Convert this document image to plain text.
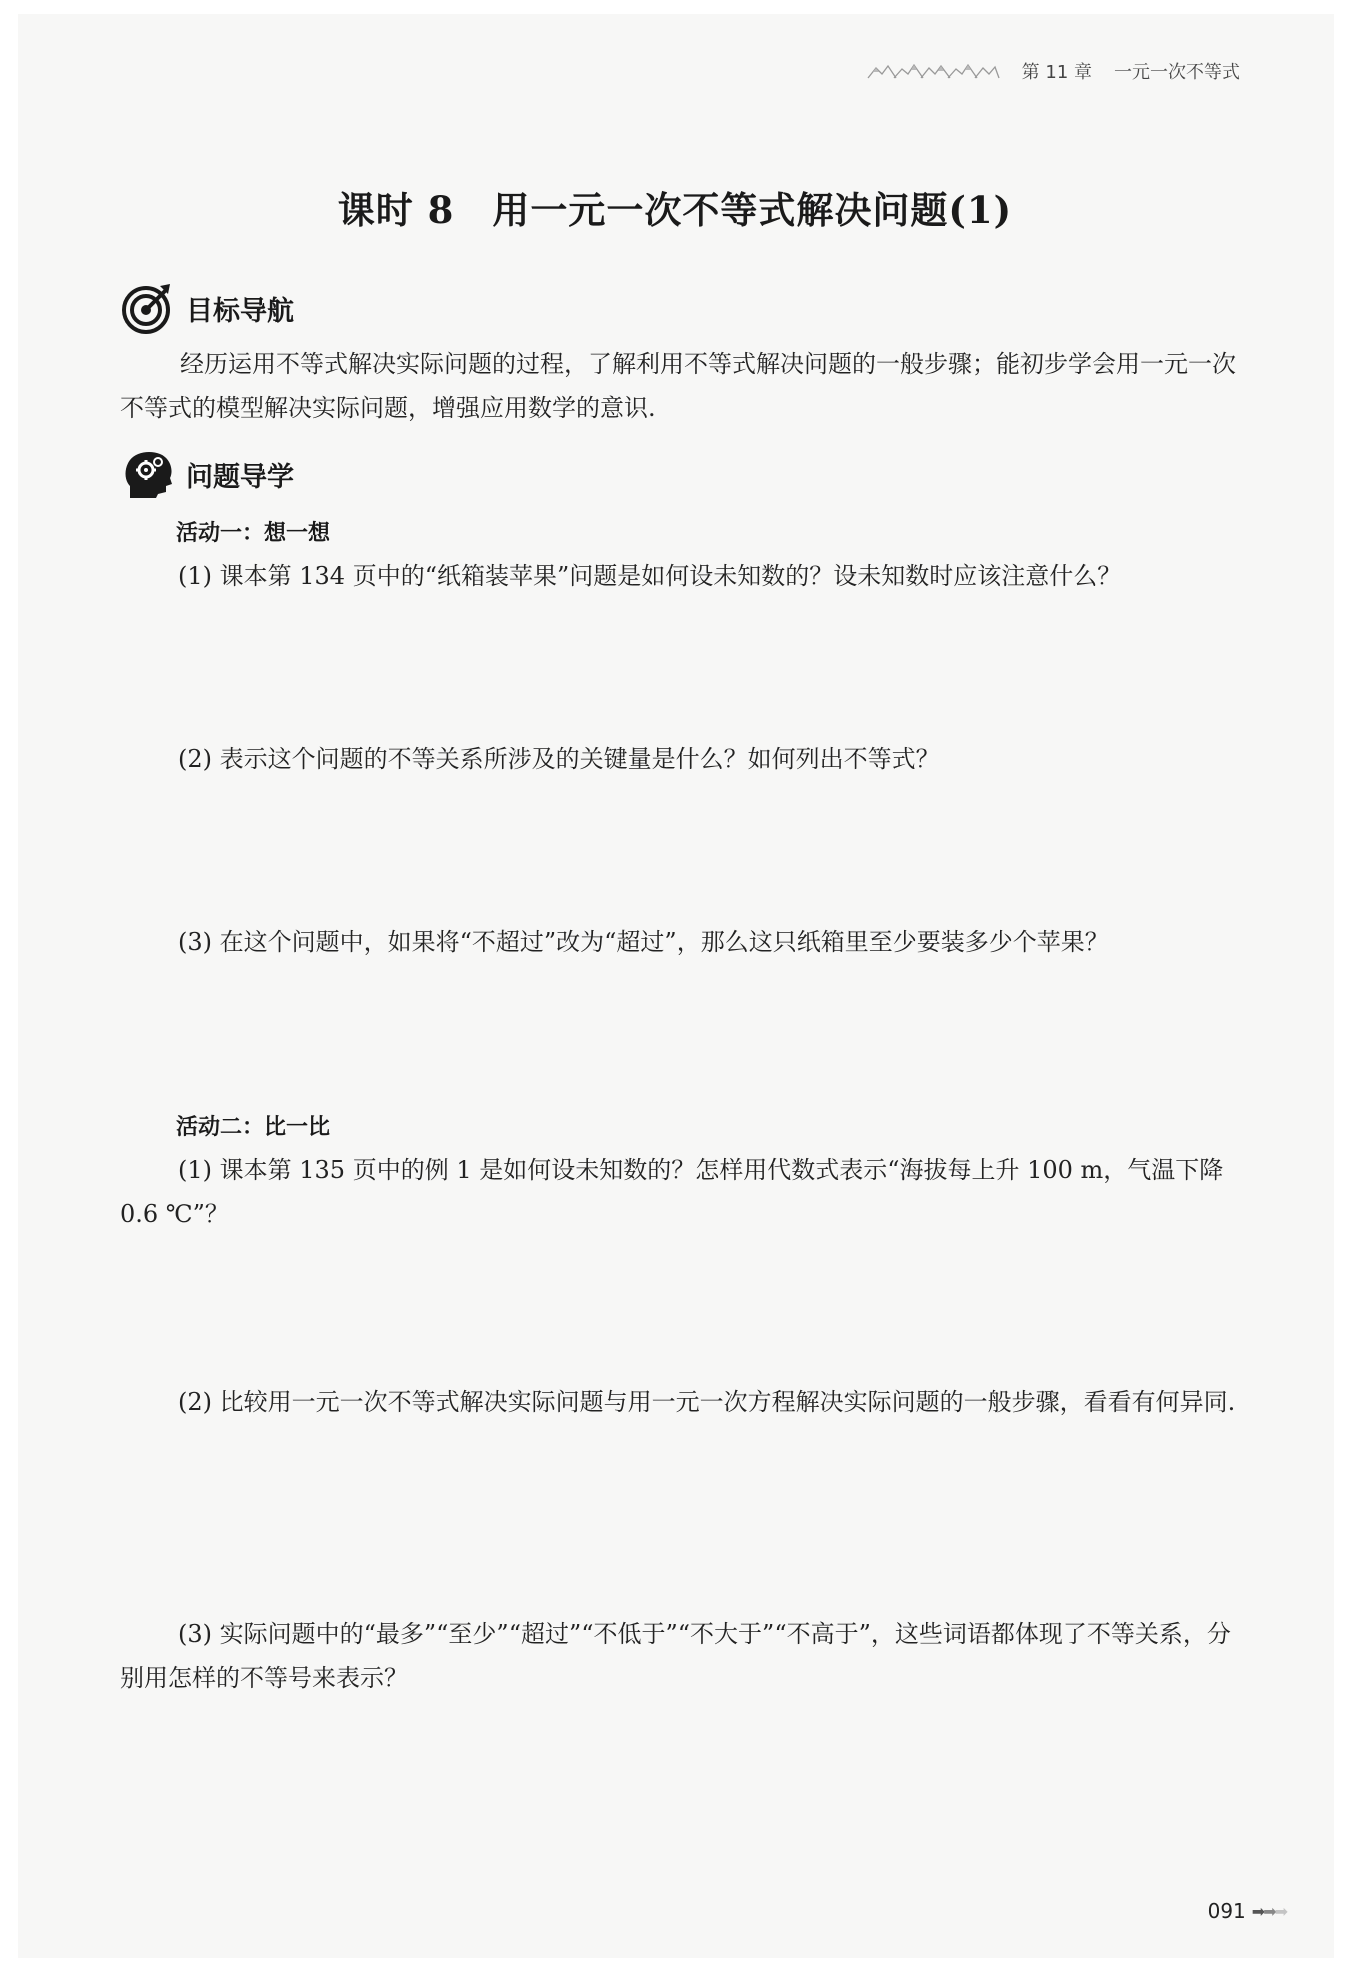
第 11 章 一元一次不等式
课时 8　用一元一次不等式解决问题(1)
目标导航
经历运用不等式解决实际问题的过程，了解利用不等式解决问题的一般步骤；能初步学会用一元一次不等式的模型解决实际问题，增强应用数学的意识.
问题导学
活动一：想一想
(1) 课本第 134 页中的“纸箱装苹果”问题是如何设未知数的？设未知数时应该注意什么？
(2) 表示这个问题的不等关系所涉及的关键量是什么？如何列出不等式？
(3) 在这个问题中，如果将“不超过”改为“超过”，那么这只纸箱里至少要装多少个苹果？
活动二：比一比
(1) 课本第 135 页中的例 1 是如何设未知数的？怎样用代数式表示“海拔每上升 100 m，气温下降 0.6 ℃”？
(2) 比较用一元一次不等式解决实际问题与用一元一次方程解决实际问题的一般步骤，看看有何异同.
(3) 实际问题中的“最多”“至少”“超过”“不低于”“不大于”“不高于”，这些词语都体现了不等关系，分别用怎样的不等号来表示？
091 ➡➡➡
